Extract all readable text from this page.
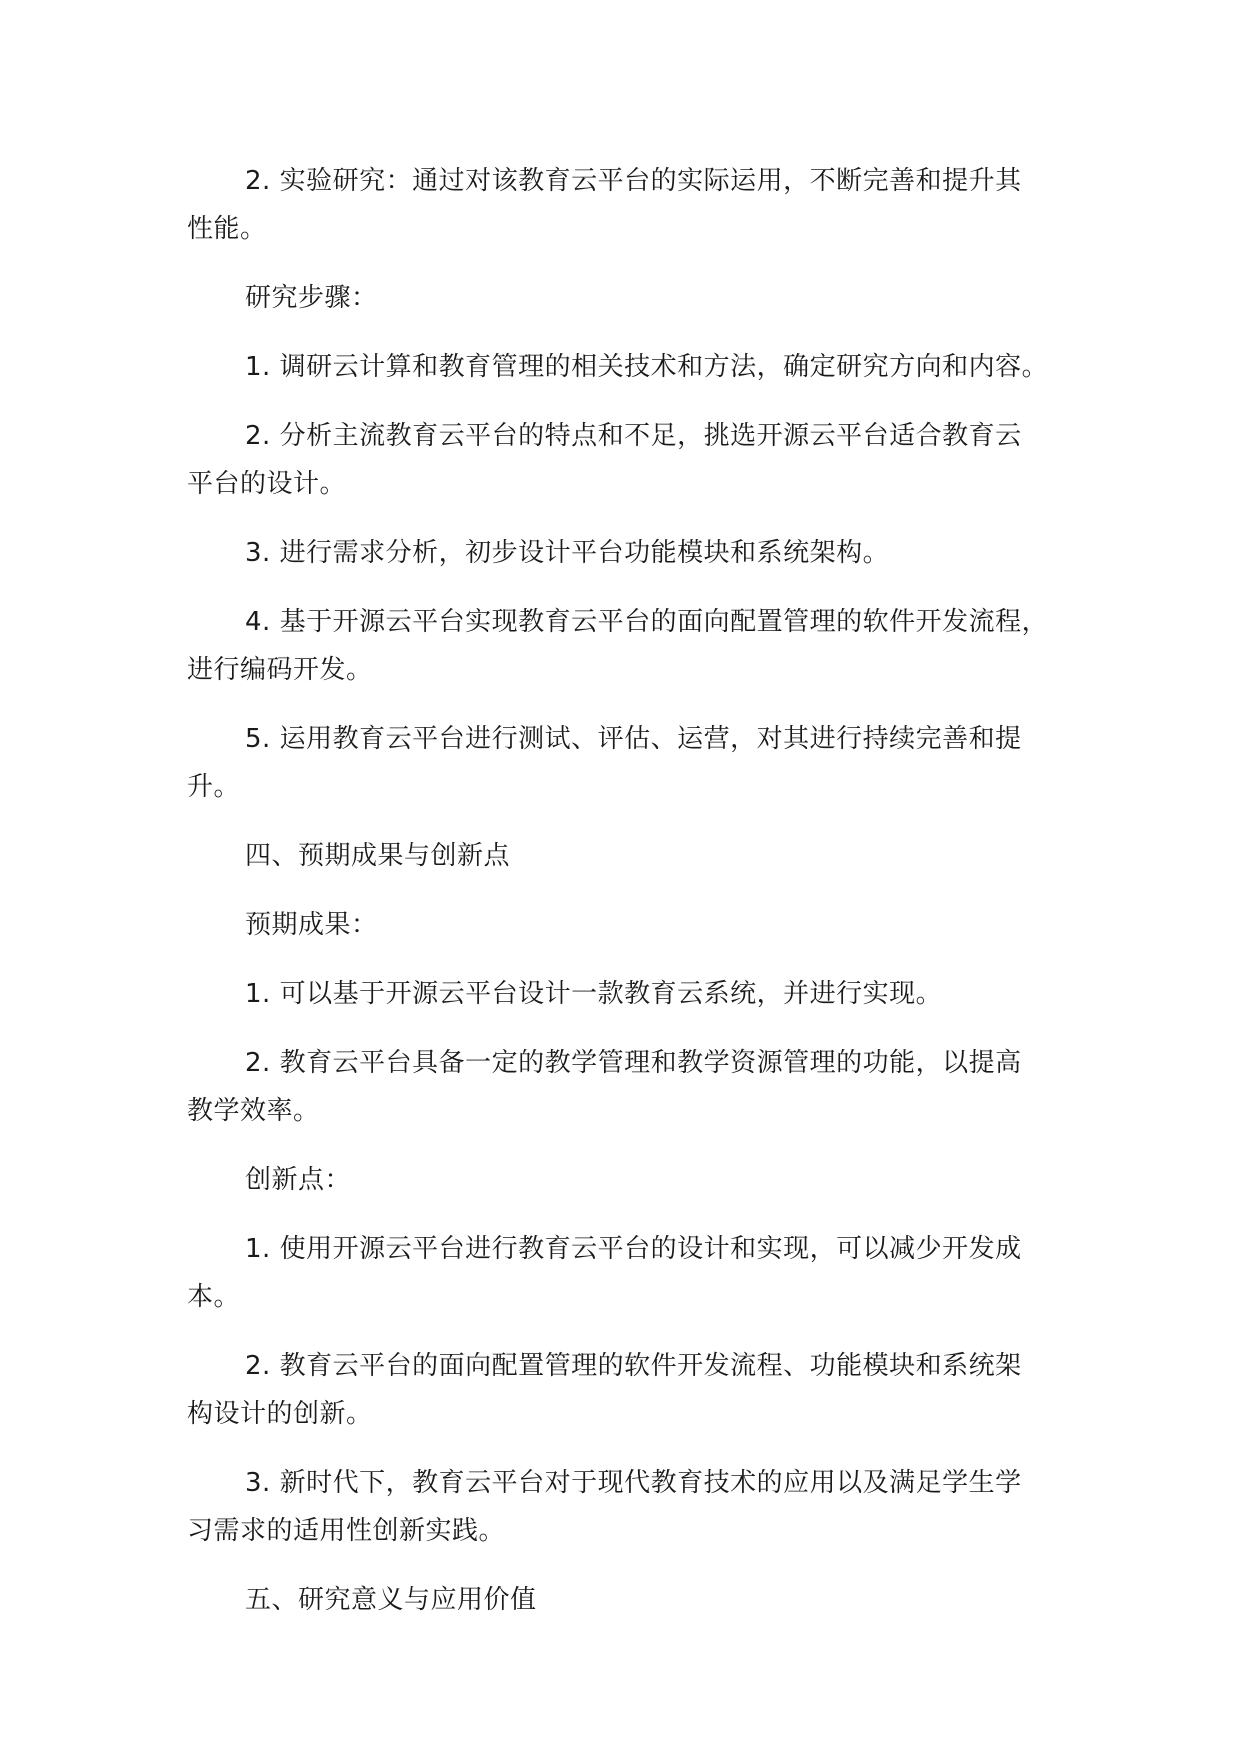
2. 实验研究：通过对该教育云平台的实际运用，不断完善和提升其
性能。

研究步骤：

1. 调研云计算和教育管理的相关技术和方法，确定研究方向和内容。

2. 分析主流教育云平台的特点和不足，挑选开源云平台适合教育云
平台的设计。

3. 进行需求分析，初步设计平台功能模块和系统架构。

4. 基于开源云平台实现教育云平台的面向配置管理的软件开发流程，
进行编码开发。

5. 运用教育云平台进行测试、评估、运营，对其进行持续完善和提
升。

四、预期成果与创新点

预期成果：

1. 可以基于开源云平台设计一款教育云系统，并进行实现。

2. 教育云平台具备一定的教学管理和教学资源管理的功能，以提高
教学效率。

创新点：

1. 使用开源云平台进行教育云平台的设计和实现，可以减少开发成
本。

2. 教育云平台的面向配置管理的软件开发流程、功能模块和系统架
构设计的创新。

3. 新时代下，教育云平台对于现代教育技术的应用以及满足学生学
习需求的适用性创新实践。

五、研究意义与应用价值
